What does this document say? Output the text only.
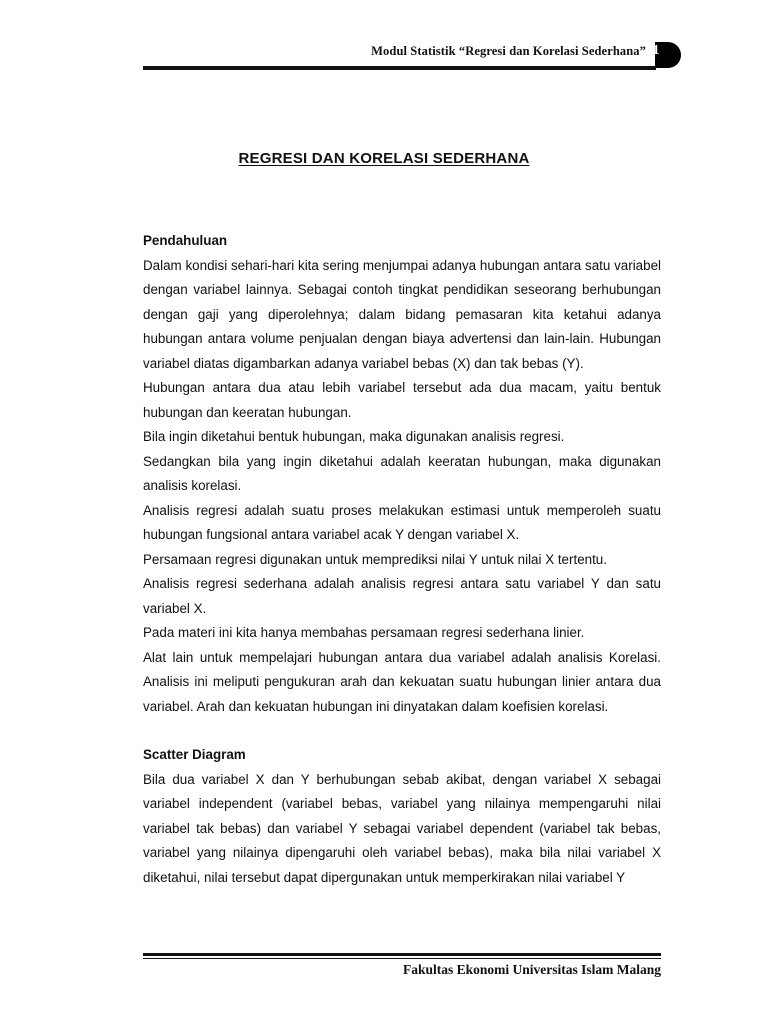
Modul Statistik “Regresi dan Korelasi Sederhana” 1
REGRESI DAN KORELASI SEDERHANA

Pendahuluan

Dalam kondisi sehari-hari kita sering menjumpai adanya hubungan antara satu variabel dengan variabel lainnya. Sebagai contoh tingkat pendidikan seseorang berhubungan dengan gaji yang diperolehnya; dalam bidang pemasaran kita ketahui adanya hubungan antara volume penjualan dengan biaya advertensi dan lain-lain. Hubungan variabel diatas digambarkan adanya variabel bebas (X) dan tak bebas (Y).

Hubungan antara dua atau lebih variabel tersebut ada dua macam, yaitu bentuk hubungan dan keeratan hubungan.

Bila ingin diketahui bentuk hubungan, maka digunakan analisis regresi.

Sedangkan bila yang ingin diketahui adalah keeratan hubungan, maka digunakan analisis korelasi.

Analisis regresi adalah suatu proses melakukan estimasi untuk memperoleh suatu hubungan fungsional antara variabel acak Y dengan variabel X.

Persamaan regresi digunakan untuk memprediksi nilai Y untuk nilai X tertentu.

Analisis regresi sederhana adalah analisis regresi antara satu variabel Y dan satu variabel X.

Pada materi ini kita hanya membahas persamaan regresi sederhana linier.

Alat lain untuk mempelajari hubungan antara dua variabel adalah analisis Korelasi. Analisis ini meliputi pengukuran arah dan kekuatan suatu hubungan linier antara dua variabel. Arah dan kekuatan hubungan ini dinyatakan dalam koefisien korelasi.

Scatter Diagram

Bila dua variabel X dan Y berhubungan sebab akibat, dengan variabel X sebagai variabel independent (variabel bebas, variabel yang nilainya mempengaruhi nilai variabel tak bebas) dan variabel Y sebagai variabel dependent (variabel tak bebas, variabel yang nilainya dipengaruhi oleh variabel bebas), maka bila nilai variabel X diketahui, nilai tersebut dapat dipergunakan untuk memperkirakan nilai variabel Y

Fakultas Ekonomi Universitas Islam Malang
